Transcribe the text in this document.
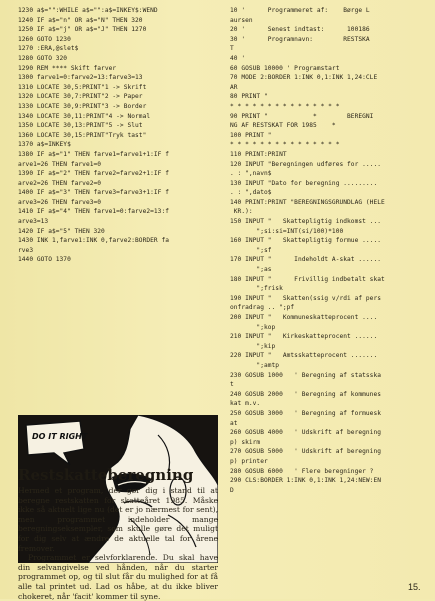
1230 a$="":WHILE a$="":a$=INKEY$:WEND
1240 IF a$="n" OR a$="N" THEN 320
1250 IF a$="j" OR a$="J" THEN 1270
1260 GOTO 1230
1270 :ERA,@slet$
1280 GOTO 320
1290 REM **** Skift farver
1300 farve1=0:farve2=13:farve3=13
1310 LOCATE 30,5:PRINT"1 -> Skrift
1320 LOCATE 30,7:PRINT"2 -> Paper
1330 LOCATE 30,9:PRINT"3 -> Border
1340 LOCATE 30,11:PRINT"4 -> Normal
1350 LOCATE 30,13:PRINT"5 -> Slut
1360 LOCATE 30,15:PRINT"Tryk tast"
1370 a$=INKEY$
1380 IF a$="1" THEN farve1=farve1+1:IF f
arve1=26 THEN farve1=0
1390 IF a$="2" THEN farve2=farve2+1:IF f
arve2=26 THEN farve2=0
1400 IF a$="3" THEN farve3=farve3+1:IF f
arve3=26 THEN farve3=0
1410 IF a$="4" THEN farve1=0:farve2=13:f
arve3=13
1420 IF a$="5" THEN 320
1430 INK 1,farve1:INK 0,farve2:BORDER fa
rve3
1440 GOTO 1370
10 '      Programmeret af:    Børge L
aursen
20 '      Senest indtast:      100186
30 '      Programnavn:        RESTSKA
T
40 '
60 GOSUB 10000 ' Programstart
70 MODE 2:BORDER 1:INK 0,1:INK 1,24:CLE
AR
80 PRINT "
* * * * * * * * * * * * * * *
90 PRINT "            *        BEREGNI
NG AF RESTSKAT FOR 1985    *
100 PRINT "
* * * * * * * * * * * * * * *
110 PRINT:PRINT
120 INPUT "Beregningen udføres for .....
. : ",navn$
130 INPUT "Dato for beregning .........
. : ",dato$
140 PRINT:PRINT "BEREGNINGSGRUNDLAG (HELE
KR.):
150 INPUT "   Skattepligtig indkomst ...
";si:si=INT(si/100)*100
160 INPUT "   Skattepligtig formue .....
";sf
170 INPUT "      Indeholdt A-skat ......
";as
180 INPUT "      Frivillig indbetalt skat
";frisk
190 INPUT "   Skatten(ssig v/rdi af pers
onfradrag .. ";pf
200 INPUT "   Kommuneskatteprocent ....
";kop
210 INPUT "   Kirkeskatteprocent ......
";kip
220 INPUT "   Amtsskatteprocent .......
";amtp
230 GOSUB 1000   ' Beregning af statsska
t
240 GOSUB 2000   ' Beregning af kommunes
kat m.v.
250 GOSUB 3000   ' Beregning af formuesk
at
260 GOSUB 4000   ' Udskrift af beregning
p) skirm
270 GOSUB 5000   ' Udskrift af beregning
p) printer
280 GOSUB 6000   ' Flere beregninger ?
290 CLS:BORDER 1:INK 0,1:INK 1,24:NEW:EN
D
DO IT RIGHT
Restskatteberegning

Hermed et program, der gør dig i stand til at beregne restskatten for skatteåret 1985. Måske ikke så aktuelt lige nu (det er jo nærmest for sent), men programmet indeholder mange beregningseksempler, som skulle gøre det muligt for dig selv at ændre de aktuelle tal for årene fremover.

Programmet er selvforklarende. Du skal have din selvangivelse ved hånden, når du starter programmet op, og til slut får du mulighed for at få alle tal printet ud. Lad os håbe, at du ikke bliver chokeret, når 'facit' kommer til syne.

15.
